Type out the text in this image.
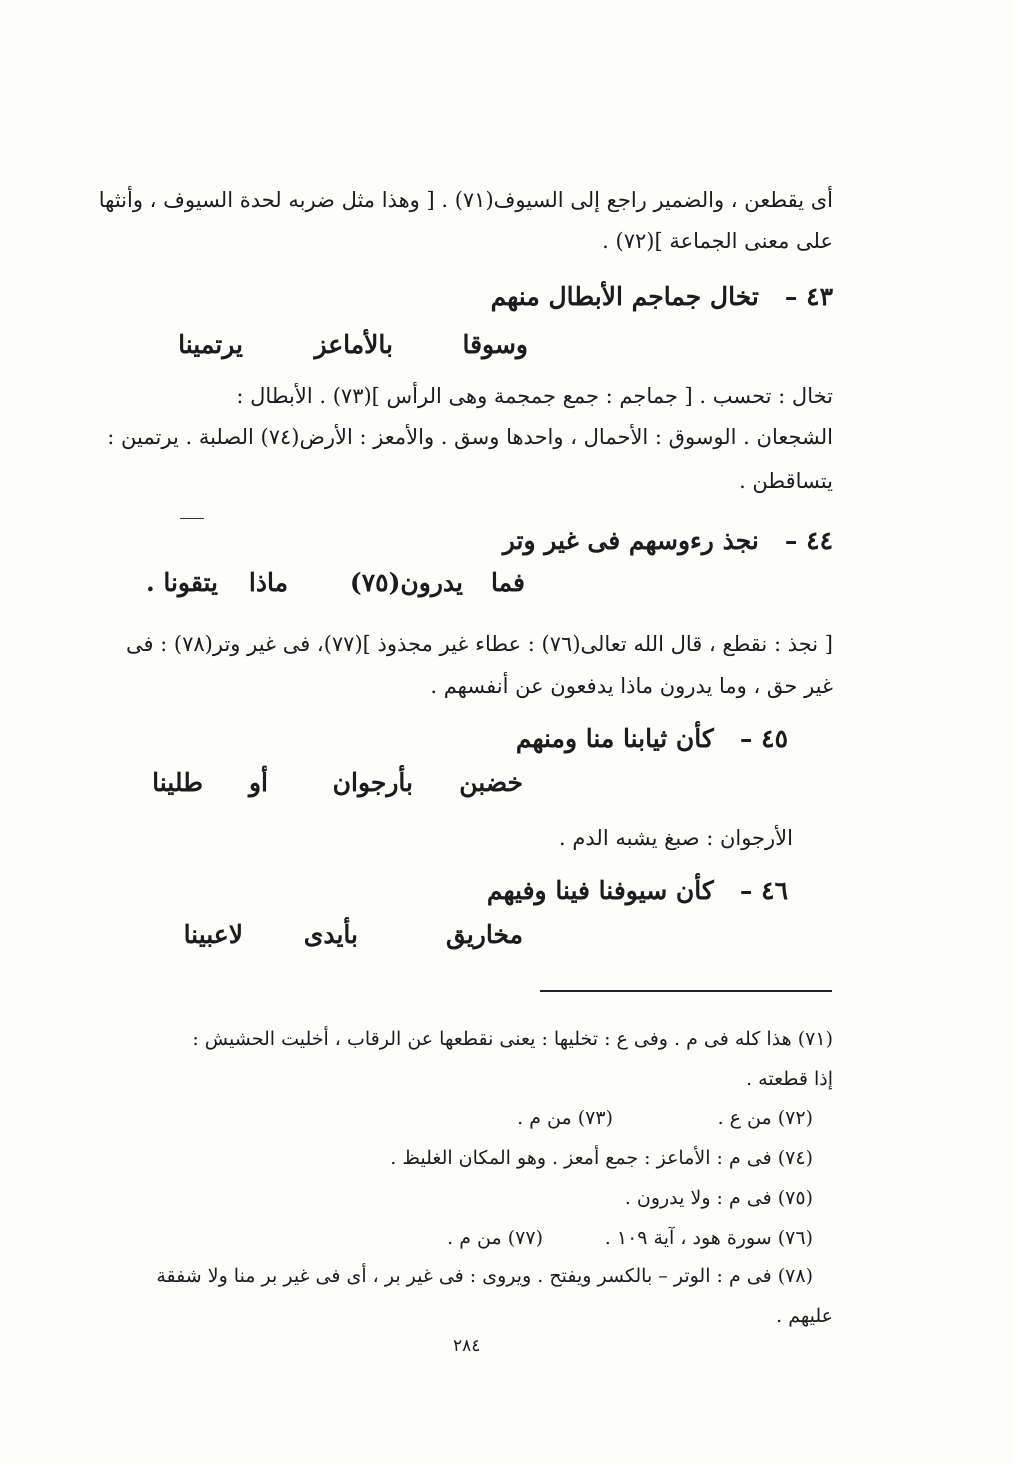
أى يقطعن ، والضمير راجع إلى السيوف(٧١) . [ وهذا مثل ضربه لحدة السيوف ، وأنثها
على معنى الجماعة ](٧٢) .
٤٣ –   تخال جماجم الأبطال منهم
وسوقا
بالأماعز
يرتمينا
تخال : تحسب . [ جماجم : جمع جمجمة وهى الرأس ](٧٣) . الأبطال :
الشجعان . الوسوق : الأحمال ، واحدها وسق . والأمعز : الأرض(٧٤) الصلبة . يرتمين :
يتساقطن .
٤٤ –   نجذ رءوسهم فى غير وتر
فما
يدرون(٧٥)
ماذا
يتقونا .
[ نجذ : نقطع ، قال الله تعالى(٧٦) : عطاء غير مجذوذ ](٧٧)، فى غير وتر(٧٨) : فى
غير حق ، وما يدرون ماذا يدفعون عن أنفسهم .
٤٥ –   كأن ثيابنا منا ومنهم
خضبن
بأرجوان
أو
طلينا
الأرجوان : صبغ يشبه الدم .
٤٦ –   كأن سيوفنا فينا وفيهم
مخاريق
بأيدى
لاعبينا
(٧١) هذا كله فى م . وفى ع : تخليها : يعنى نقطعها عن الرقاب ، أخليت الحشيش :
إذا قطعته .
(٧٢) من ع .
(٧٣) من م .
(٧٤) فى م : الأماعز : جمع أمعز . وهو المكان الغليظ .
(٧٥) فى م : ولا يدرون .
(٧٦) سورة هود ، آية ١٠٩ .
(٧٧) من م .
(٧٨) فى م : الوتر – بالكسر ويفتح . ويروى : فى غير بر ، أى فى غير بر منا ولا شفقة
عليهم .
٢٨٤
